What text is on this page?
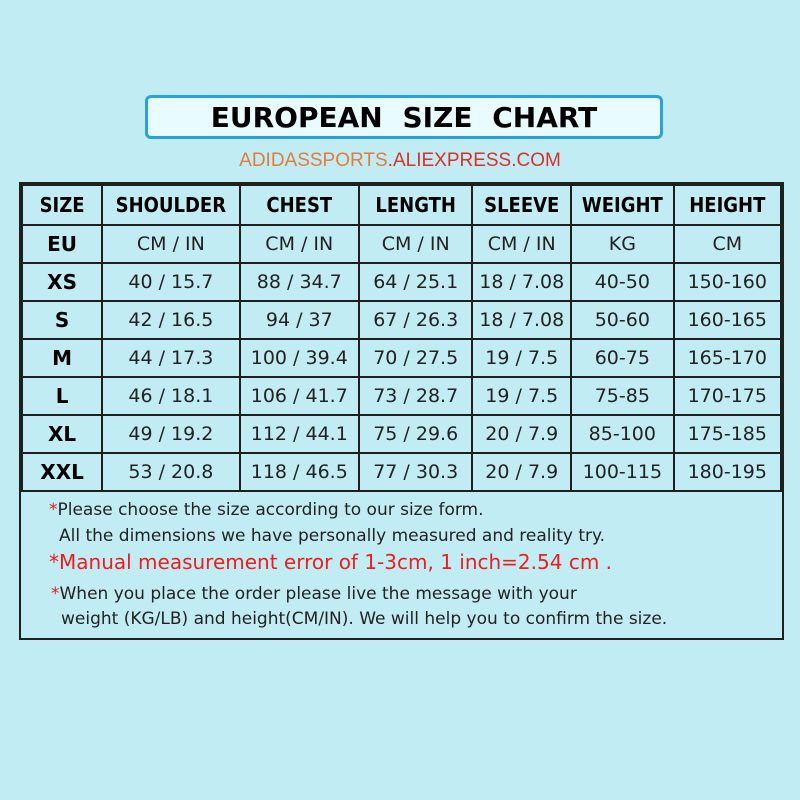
EUROPEAN SIZE CHART
ADIDASSPORTS.ALIEXPRESS.COM
SIZE	SHOULDER	CHEST	LENGTH	SLEEVE	WEIGHT	HEIGHT
EU	CM / IN	CM / IN	CM / IN	CM / IN	KG	CM
XS	40 / 15.7	88 / 34.7	64 / 25.1	18 / 7.08	40-50	150-160
S	42 / 16.5	94 / 37	67 / 26.3	18 / 7.08	50-60	160-165
M	44 / 17.3	100 / 39.4	70 / 27.5	19 / 7.5	60-75	165-170
L	46 / 18.1	106 / 41.7	73 / 28.7	19 / 7.5	75-85	170-175
XL	49 / 19.2	112 / 44.1	75 / 29.6	20 / 7.9	85-100	175-185
XXL	53 / 20.8	118 / 46.5	77 / 30.3	20 / 7.9	100-115	180-195
*Please choose the size according to our size form.
All the dimensions we have personally measured and reality try.
*Manual measurement error of 1-3cm, 1 inch=2.54 cm .
*When you place the order please live the message with your
weight (KG/LB) and height(CM/IN). We will help you to confirm the size.
